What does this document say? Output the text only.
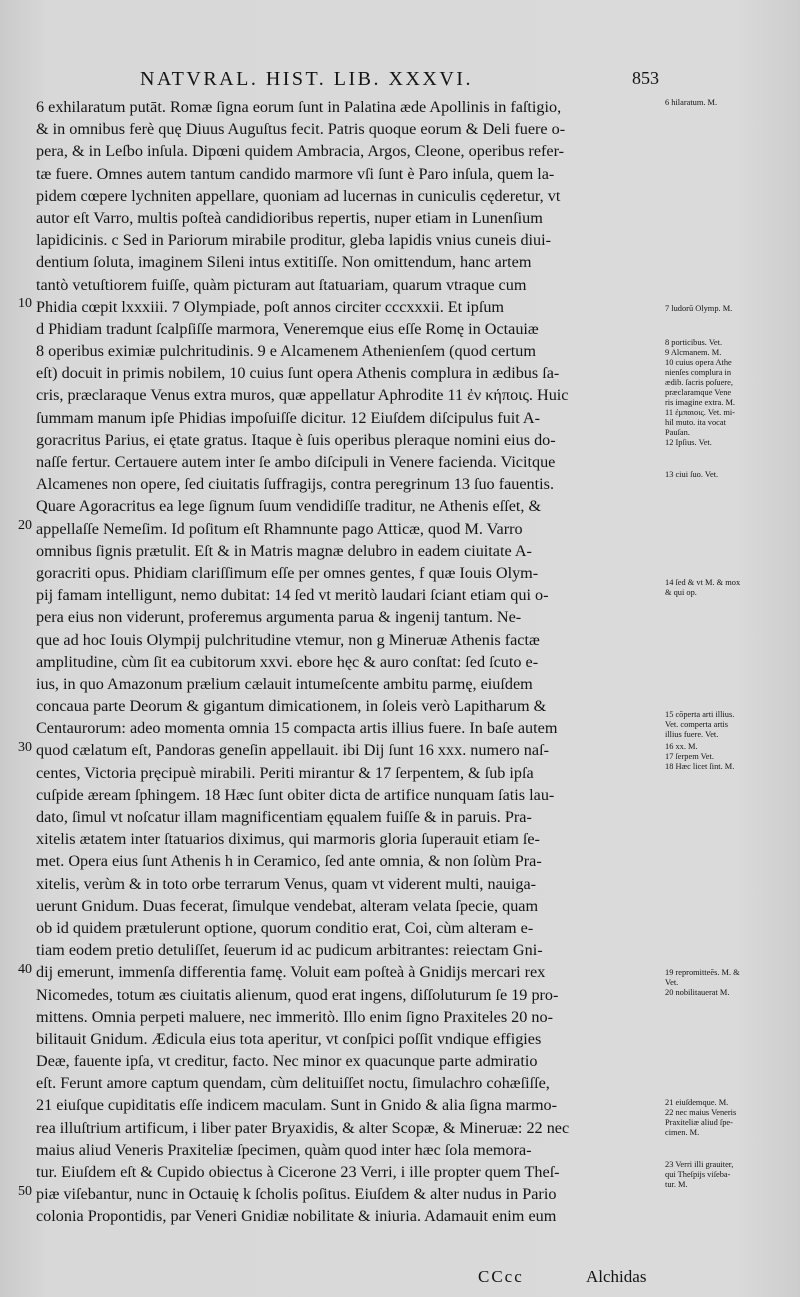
NATVRAL. HIST. LIB. XXXVI.	853
6 exhilaratum putāt. Romæ ſigna eorum ſunt in Palatina æde Apollinis in faſtigio,
& in omnibus ferè quę Diuus Auguſtus fecit. Patris quoque eorum & Deli fuere o-
pera, & in Leſbo inſula. Dipœni quidem Ambracia, Argos, Cleone, operibus refer-
tæ fuere. Omnes autem tantum candido marmore vſi ſunt è Paro inſula, quem la-
pidem cœpere lychniten appellare, quoniam ad lucernas in cuniculis cęderetur, vt
autor eſt Varro, multis poſteà candidioribus repertis, nuper etiam in Lunenſium
lapidicinis. c Sed in Pariorum mirabile proditur, gleba lapidis vnius cuneis diui-
dentium ſoluta, imaginem Sileni intus extitiſſe. Non omittendum, hanc artem
tantò vetuſtiorem fuiſſe, quàm picturam aut ſtatuariam, quarum vtraque cum
Phidia cœpit lxxxiii. 7 Olympiade, poſt annos circiter cccxxxii. Et ipſum
d Phidiam tradunt ſcalpſiſſe marmora, Veneremque eius eſſe Romę in Octauiæ
8 operibus eximiæ pulchritudinis. 9 e Alcamenem Athenienſem (quod certum
eſt) docuit in primis nobilem, 10 cuius ſunt opera Athenis complura in ædibus ſa-
cris, præclaraque Venus extra muros, quæ appellatur Aphrodite 11 ἐν κήποις. Huic
ſummam manum ipſe Phidias impoſuiſſe dicitur. 12 Eiuſdem diſcipulus fuit A-
goracritus Parius, ei ętate gratus. Itaque è ſuis operibus pleraque nomini eius do-
naſſe fertur. Certauere autem inter ſe ambo diſcipuli in Venere facienda. Vicitque
Alcamenes non opere, ſed ciuitatis ſuffragijs, contra peregrinum 13 ſuo fauentis.
Quare Agoracritus ea lege ſignum ſuum vendidiſſe traditur, ne Athenis eſſet, &
appellaſſe Nemeſim. Id poſitum eſt Rhamnunte pago Atticæ, quod M. Varro
omnibus ſignis prætulit. Eſt & in Matris magnæ delubro in eadem ciuitate A-
goracriti opus. Phidiam clariſſimum eſſe per omnes gentes, f quæ Iouis Olym-
pij famam intelligunt, nemo dubitat: 14 ſed vt meritò laudari ſciant etiam qui o-
pera eius non viderunt, proferemus argumenta parua & ingenij tantum. Ne-
que ad hoc Iouis Olympij pulchritudine vtemur, non g Mineruæ Athenis factæ
amplitudine, cùm ſit ea cubitorum xxvi. ebore hęc & auro conſtat: ſed ſcuto e-
ius, in quo Amazonum prælium cælauit intumeſcente ambitu parmę, eiuſdem
concaua parte Deorum & gigantum dimicationem, in ſoleis verò Lapitharum &
Centaurorum: adeo momenta omnia 15 compacta artis illius fuere. In baſe autem
quod cælatum eſt, Pandoras geneſin appellauit. ibi Dij ſunt 16 xxx. numero naſ-
centes, Victoria pręcipuè mirabili. Periti mirantur & 17 ſerpentem, & ſub ipſa
cuſpide æream ſphingem. 18 Hæc ſunt obiter dicta de artifice nunquam ſatis lau-
dato, ſimul vt noſcatur illam magnificentiam ęqualem fuiſſe & in paruis. Pra-
xitelis ætatem inter ſtatuarios diximus, qui marmoris gloria ſuperauit etiam ſe-
met. Opera eius ſunt Athenis h in Ceramico, ſed ante omnia, & non ſolùm Pra-
xitelis, verùm & in toto orbe terrarum Venus, quam vt viderent multi, nauiga-
uerunt Gnidum. Duas fecerat, ſimulque vendebat, alteram velata ſpecie, quam
ob id quidem prætulerunt optione, quorum conditio erat, Coi, cùm alteram e-
tiam eodem pretio detuliſſet, ſeuerum id ac pudicum arbitrantes: reiectam Gni-
dij emerunt, immenſa differentia famę. Voluit eam poſteà à Gnidijs mercari rex
Nicomedes, totum æs ciuitatis alienum, quod erat ingens, diſſoluturum ſe 19 pro-
mittens. Omnia perpeti maluere, nec immeritò. Illo enim ſigno Praxiteles 20 no-
bilitauit Gnidum. Ædicula eius tota aperitur, vt conſpici poſſit vndique effigies
Deæ, fauente ipſa, vt creditur, facto. Nec minor ex quacunque parte admiratio
eſt. Ferunt amore captum quendam, cùm delituiſſet noctu, ſimulachro cohæſiſſe,
21 eiuſque cupiditatis eſſe indicem maculam. Sunt in Gnido & alia ſigna marmo-
rea illuſtrium artificum, i liber pater Bryaxidis, & alter Scopæ, & Mineruæ: 22 nec
maius aliud Veneris Praxiteliæ ſpecimen, quàm quod inter hæc ſola memora-
tur. Eiuſdem eſt & Cupido obiectus à Cicerone 23 Verri, i ille propter quem Theſ-
piæ viſebantur, nunc in Octauię k ſcholis poſitus. Eiuſdem & alter nudus in Pario
colonia Propontidis, par Veneri Gnidiæ nobilitate & iniuria. Adamauit enim eum
10
20
30
40
50
6 hilaratum. M.
7 ludorū Olymp. M.
8 porticibus. Vet.
9 Alcmanem. M.
10 cuius opera Athe
nienſes complura in
ædib. ſacris poſuere,
præclaramque Vene
ris imagine extra. M.
11 ἐμπαιοις. Vet. mi-
hil muto. ita vocat
Pauſan.
12 Ipſius. Vet.
13 ciui ſuo. Vet.
14 ſed & vt M. & mox
& qui op.
15 cōperta arti illius.
Vet. comperta artis
illius fuere. Vet.
16 xx. M.
17 ſerpem Vet.
18 Hæc licet ſint. M.
19 repromitteēs. M. &
Vet.
20 nobilitauerat M.
21 eiuſdemque. M.
22 nec maius Veneris
Praxiteliæ aliud ſpe-
cimen. M.
23 Verri illi grauiter,
qui Theſpijs viſeba-
tur. M.
CCcc	Alchidas
